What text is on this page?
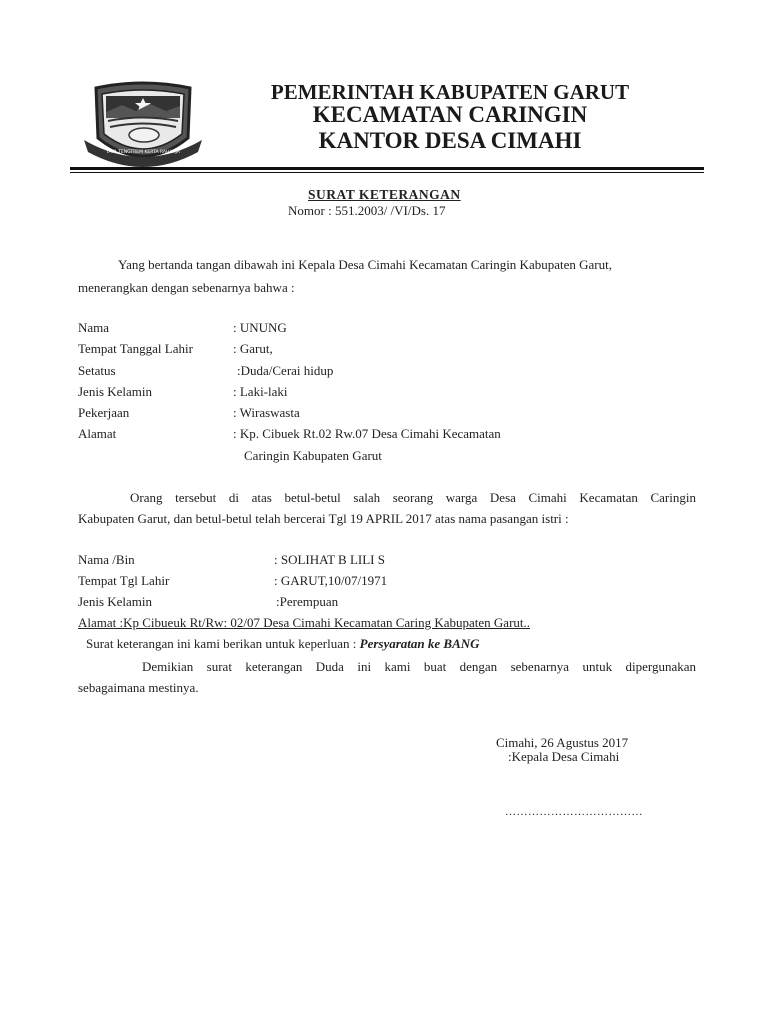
TATA TENGTREM KERTA RAHARJA
PEMERINTAH KABUPATEN GARUT
KECAMATAN CARINGIN
KANTOR DESA CIMAHI
SURAT KETERANGAN
Nomor : 551.2003/ /VI/Ds. 17
Yang bertanda tangan dibawah ini Kepala Desa Cimahi Kecamatan Caringin Kabupaten Garut,
menerangkan dengan sebenarnya bahwa :
Nama	: UNUNG
Tempat Tanggal Lahir	: Garut,
Setatus	:Duda/Cerai hidup
Jenis Kelamin	: Laki-laki
Pekerjaan	: Wiraswasta
Alamat	: Kp. Cibuek Rt.02 Rw.07 Desa Cimahi Kecamatan
Caringin Kabupaten Garut
Orang tersebut di atas betul-betul salah seorang warga Desa Cimahi Kecamatan Caringin
Kabupaten Garut, dan betul-betul telah bercerai Tgl 19 APRIL 2017 atas nama pasangan istri :
Nama /Bin	: SOLIHAT B LILI S
Tempat Tgl Lahir	: GARUT,10/07/1971
Jenis Kelamin	:Perempuan
Alamat :Kp Cibueuk Rt/Rw: 02/07 Desa Cimahi Kecamatan Caring Kabupaten Garut..
Surat keterangan ini kami berikan untuk keperluan : Persyaratan ke BANG
Demikian surat keterangan Duda ini kami buat dengan sebenarnya untuk dipergunakan
sebagaimana mestinya.
Cimahi, 26 Agustus 2017
:Kepala Desa Cimahi
………………………………
